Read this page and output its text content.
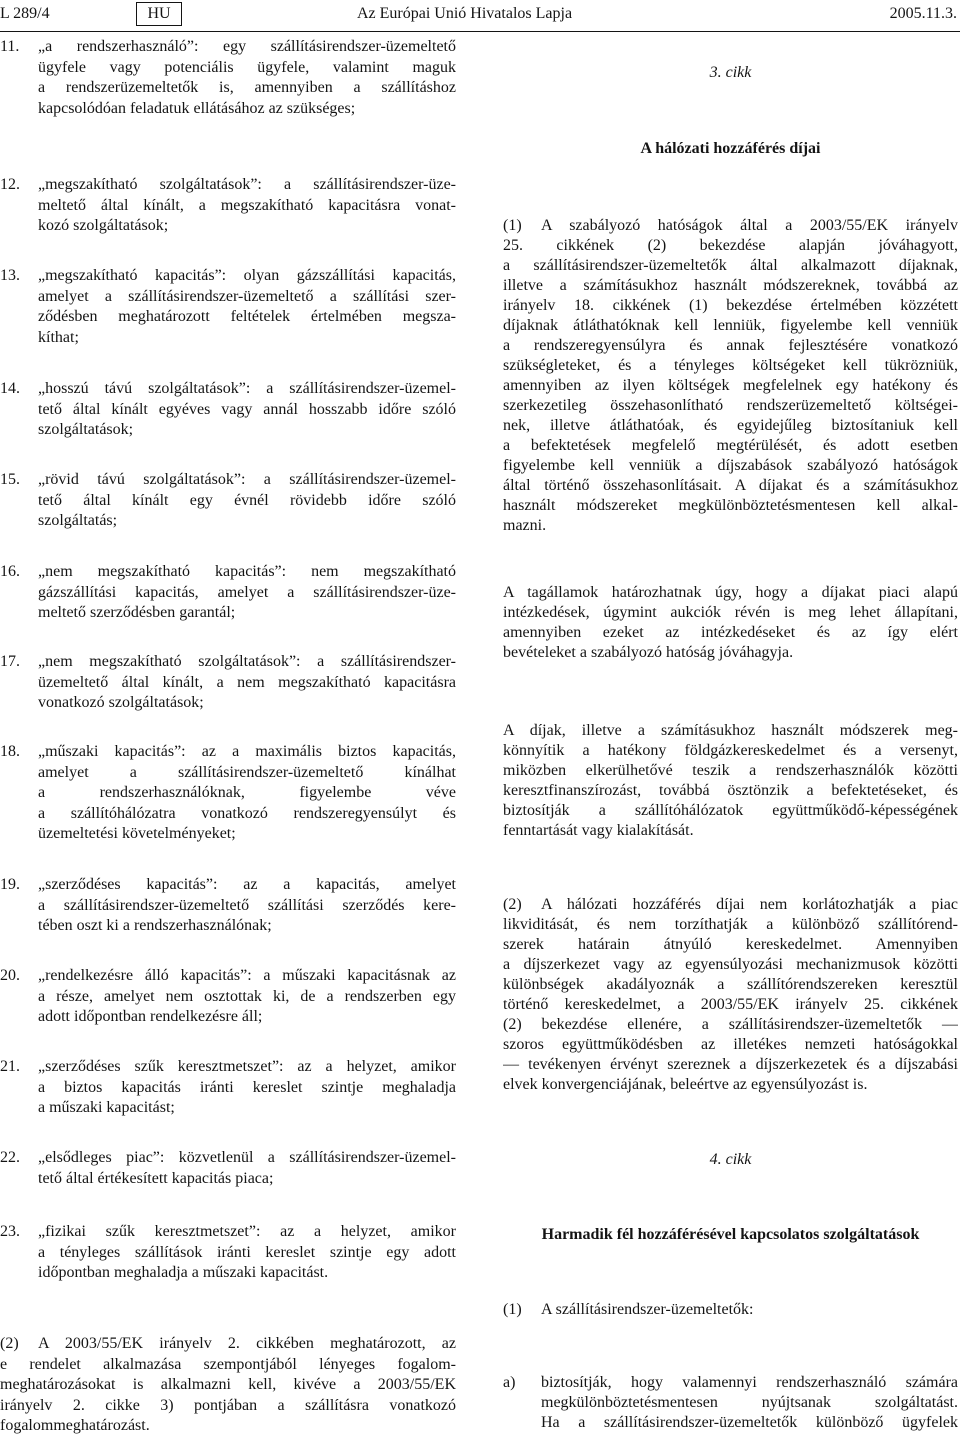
L 289/4	HU	Az Európai Unió Hivatalos Lapja	2005.11.3.
11.	„a rendszerhasználó”: egy szállításirendszer-üzemeltető
ügyfele vagy potenciális ügyfele, valamint maguk
a rendszerüzemeltetők is, amennyiben a szállításhoz
kapcsolódóan feladatuk ellátásához az szükséges;
12.	„megszakítható szolgáltatások”: a szállításirendszer-üze-
meltető által kínált, a megszakítható kapacitásra vonat-
kozó szolgáltatások;
13.	„megszakítható kapacitás”: olyan gázszállítási kapacitás,
amelyet a szállításirendszer-üzemeltető a szállítási szer-
ződésben meghatározott feltételek értelmében megsza-
kíthat;
14.	„hosszú távú szolgáltatások”: a szállításirendszer-üzemel-
tető által kínált egyéves vagy annál hosszabb időre szóló
szolgáltatások;
15.	„rövid távú szolgáltatások”: a szállításirendszer-üzemel-
tető által kínált egy évnél rövidebb időre szóló
szolgáltatás;
16.	„nem megszakítható kapacitás”: nem megszakítható
gázszállítási kapacitás, amelyet a szállításirendszer-üze-
meltető szerződésben garantál;
17.	„nem megszakítható szolgáltatások”: a szállításirendszer-
üzemeltető által kínált, a nem megszakítható kapacitásra
vonatkozó szolgáltatások;
18.	„műszaki kapacitás”: az a maximális biztos kapacitás,
amelyet a szállításirendszer-üzemeltető kínálhat
a rendszerhasználóknak, figyelembe véve
a szállítóhálózatra vonatkozó rendszeregyensúlyt és
üzemeltetési követelményeket;
19.	„szerződéses kapacitás”: az a kapacitás, amelyet
a szállításirendszer-üzemeltető szállítási szerződés kere-
tében oszt ki a rendszerhasználónak;
20.	„rendelkezésre álló kapacitás”: a műszaki kapacitásnak az
a része, amelyet nem osztottak ki, de a rendszerben egy
adott időpontban rendelkezésre áll;
21.	„szerződéses szűk keresztmetszet”: az a helyzet, amikor
a biztos kapacitás iránti kereslet szintje meghaladja
a műszaki kapacitást;
22.	„elsődleges piac”: közvetlenül a szállításirendszer-üzemel-
tető által értékesített kapacitás piaca;
23.	„fizikai szűk keresztmetszet”: az a helyzet, amikor
a tényleges szállítások iránti kereslet szintje egy adott
időpontban meghaladja a műszaki kapacitást.
(2)	A 2003/55/EK irányelv 2. cikkében meghatározott, az
e rendelet alkalmazása szempontjából lényeges fogalom-
meghatározásokat is alkalmazni kell, kivéve a 2003/55/EK
irányelv 2. cikke 3) pontjában a szállításra vonatkozó
fogalommeghatározást.
3. cikk
A hálózati hozzáférés díjai
(1)	A szabályozó hatóságok által a 2003/55/EK irányelv
25. cikkének (2) bekezdése alapján jóváhagyott,
a szállításirendszer-üzemeltetők által alkalmazott díjaknak,
illetve a számításukhoz használt módszereknek, továbbá az
irányelv 18. cikkének (1) bekezdése értelmében közzétett
díjaknak átláthatóknak kell lenniük, figyelembe kell venniük
a rendszeregyensúlyra és annak fejlesztésére vonatkozó
szükségleteket, és a tényleges költségeket kell tükrözniük,
amennyiben az ilyen költségek megfelelnek egy hatékony és
szerkezetileg összehasonlítható rendszerüzemeltető költségei-
nek, illetve átláthatóak, és egyidejűleg biztosítaniuk kell
a befektetések megfelelő megtérülését, és adott esetben
figyelembe kell venniük a díjszabások szabályozó hatóságok
által történő összehasonlításait. A díjakat és a számításukhoz
használt módszereket megkülönböztetésmentesen kell alkal-
mazni.
A tagállamok határozhatnak úgy, hogy a díjakat piaci alapú
intézkedések, úgymint aukciók révén is meg lehet állapítani,
amennyiben ezeket az intézkedéseket és az így elért
bevételeket a szabályozó hatóság jóváhagyja.
A díjak, illetve a számításukhoz használt módszerek meg-
könnyítik a hatékony földgázkereskedelmet és a versenyt,
miközben elkerülhetővé teszik a rendszerhasználók közötti
keresztfinanszírozást, továbbá ösztönzik a befektetéseket, és
biztosítják a szállítóhálózatok együttműködő-képességének
fenntartását vagy kialakítását.
(2)	A hálózati hozzáférés díjai nem korlátozhatják a piac
likviditását, és nem torzíthatják a különböző szállítórend-
szerek határain átnyúló kereskedelmet. Amennyiben
a díjszerkezet vagy az egyensúlyozási mechanizmusok közötti
különbségek akadályoznák a szállítórendszereken keresztül
történő kereskedelmet, a 2003/55/EK irányelv 25. cikkének
(2) bekezdése ellenére, a szállításirendszer-üzemeltetők —
szoros együttműködésben az illetékes nemzeti hatóságokkal
— tevékenyen érvényt szereznek a díjszerkezetek és a díjszabási
elvek konvergenciájának, beleértve az egyensúlyozást is.
4. cikk
Harmadik fél hozzáférésével kapcsolatos szolgáltatások
(1)	A szállításirendszer-üzemeltetők:
a)	biztosítják, hogy valamennyi rendszerhasználó számára
megkülönböztetésmentesen nyújtsanak szolgáltatást.
Ha a szállításirendszer-üzemeltetők különböző ügyfelek
